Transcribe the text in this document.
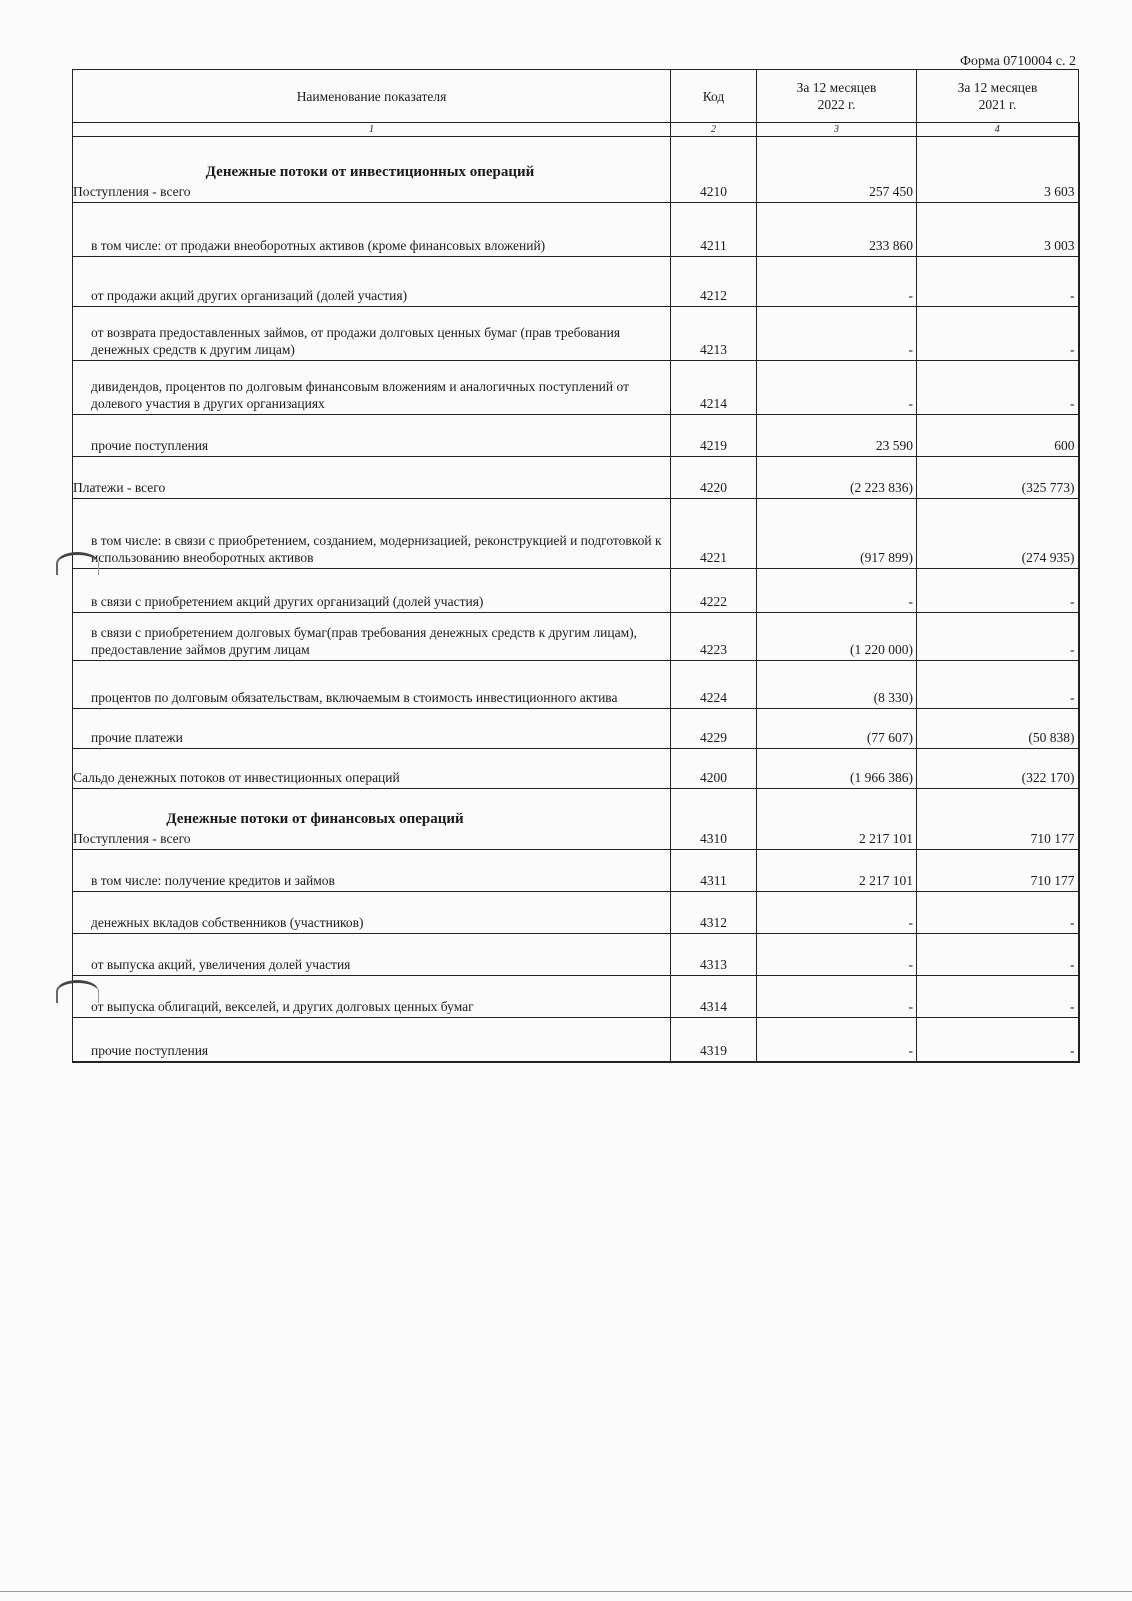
Форма 0710004 с. 2
Наименование показателя	Код	За 12 месяцев 2022 г.	За 12 месяцев 2021 г.
1	2	3	4

Денежные потоки от инвестиционных операций
Поступления - всего	4210	257 450	3 603
в том числе: от продажи внеоборотных активов (кроме финансовых вложений)	4211	233 860	3 003
от продажи акций других организаций (долей участия)	4212	-	-
от возврата предоставленных займов, от продажи долговых ценных бумаг (прав требования денежных средств к другим лицам)	4213	-	-
дивидендов, процентов по долговым финансовым вложениям и аналогичных поступлений от долевого участия в других организациях	4214	-	-
прочие поступления	4219	23 590	600
Платежи - всего	4220	(2 223 836)	(325 773)
в том числе: в связи с приобретением, созданием, модернизацией, реконструкцией и подготовкой к использованию внеоборотных активов	4221	(917 899)	(274 935)
в связи с приобретением акций других организаций (долей участия)	4222	-	-
в связи с приобретением долговых бумаг(прав требования денежных средств к другим лицам), предоставление займов другим лицам	4223	(1 220 000)	-
процентов по долговым обязательствам, включаемым в стоимость инвестиционного актива	4224	(8 330)	-
прочие платежи	4229	(77 607)	(50 838)
Сальдо денежных потоков от инвестиционных операций	4200	(1 966 386)	(322 170)

Денежные потоки от финансовых операций
Поступления - всего	4310	2 217 101	710 177
в том числе: получение кредитов и займов	4311	2 217 101	710 177
денежных вкладов собственников (участников)	4312	-	-
от выпуска акций, увеличения долей участия	4313	-	-
от выпуска облигаций, векселей, и других долговых ценных бумаг	4314	-	-
прочие поступления	4319	-	-
